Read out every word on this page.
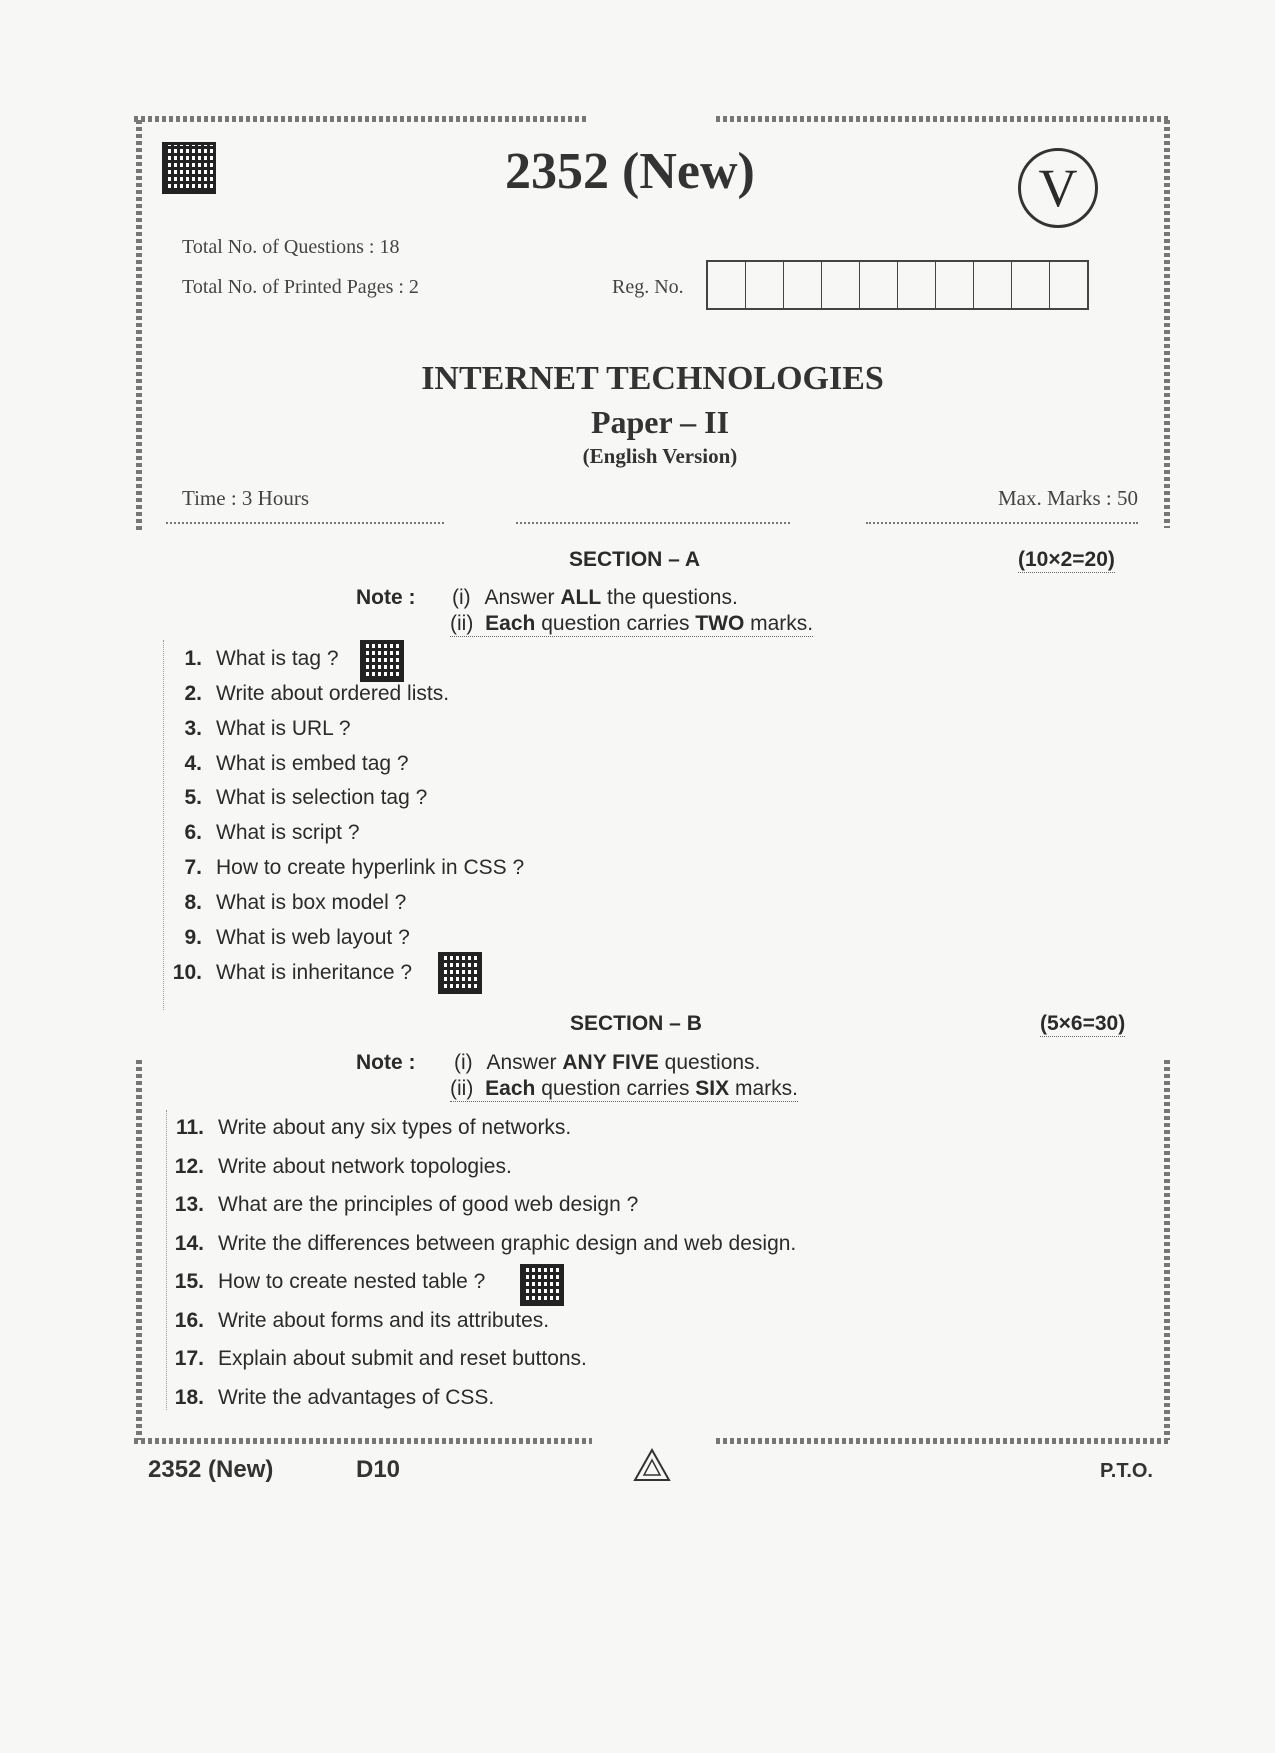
2352 (New)	V
Total No. of Questions : 18
Total No. of Printed Pages : 2	Reg. No.
INTERNET TECHNOLOGIES
Paper – II
(English Version)
Time : 3 Hours	Max. Marks : 50
SECTION – A	(10×2=20)
Note : (i) Answer ALL the questions.
(ii) Each question carries TWO marks.
1. What is tag ?
2. Write about ordered lists.
3. What is URL ?
4. What is embed tag ?
5. What is selection tag ?
6. What is script ?
7. How to create hyperlink in CSS ?
8. What is box model ?
9. What is web layout ?
10. What is inheritance ?
SECTION – B	(5×6=30)
Note : (i) Answer ANY FIVE questions.
(ii) Each question carries SIX marks.
11. Write about any six types of networks.
12. Write about network topologies.
13. What are the principles of good web design ?
14. Write the differences between graphic design and web design.
15. How to create nested table ?
16. Write about forms and its attributes.
17. Explain about submit and reset buttons.
18. Write the advantages of CSS.
2352 (New)	D10	P.T.O.
